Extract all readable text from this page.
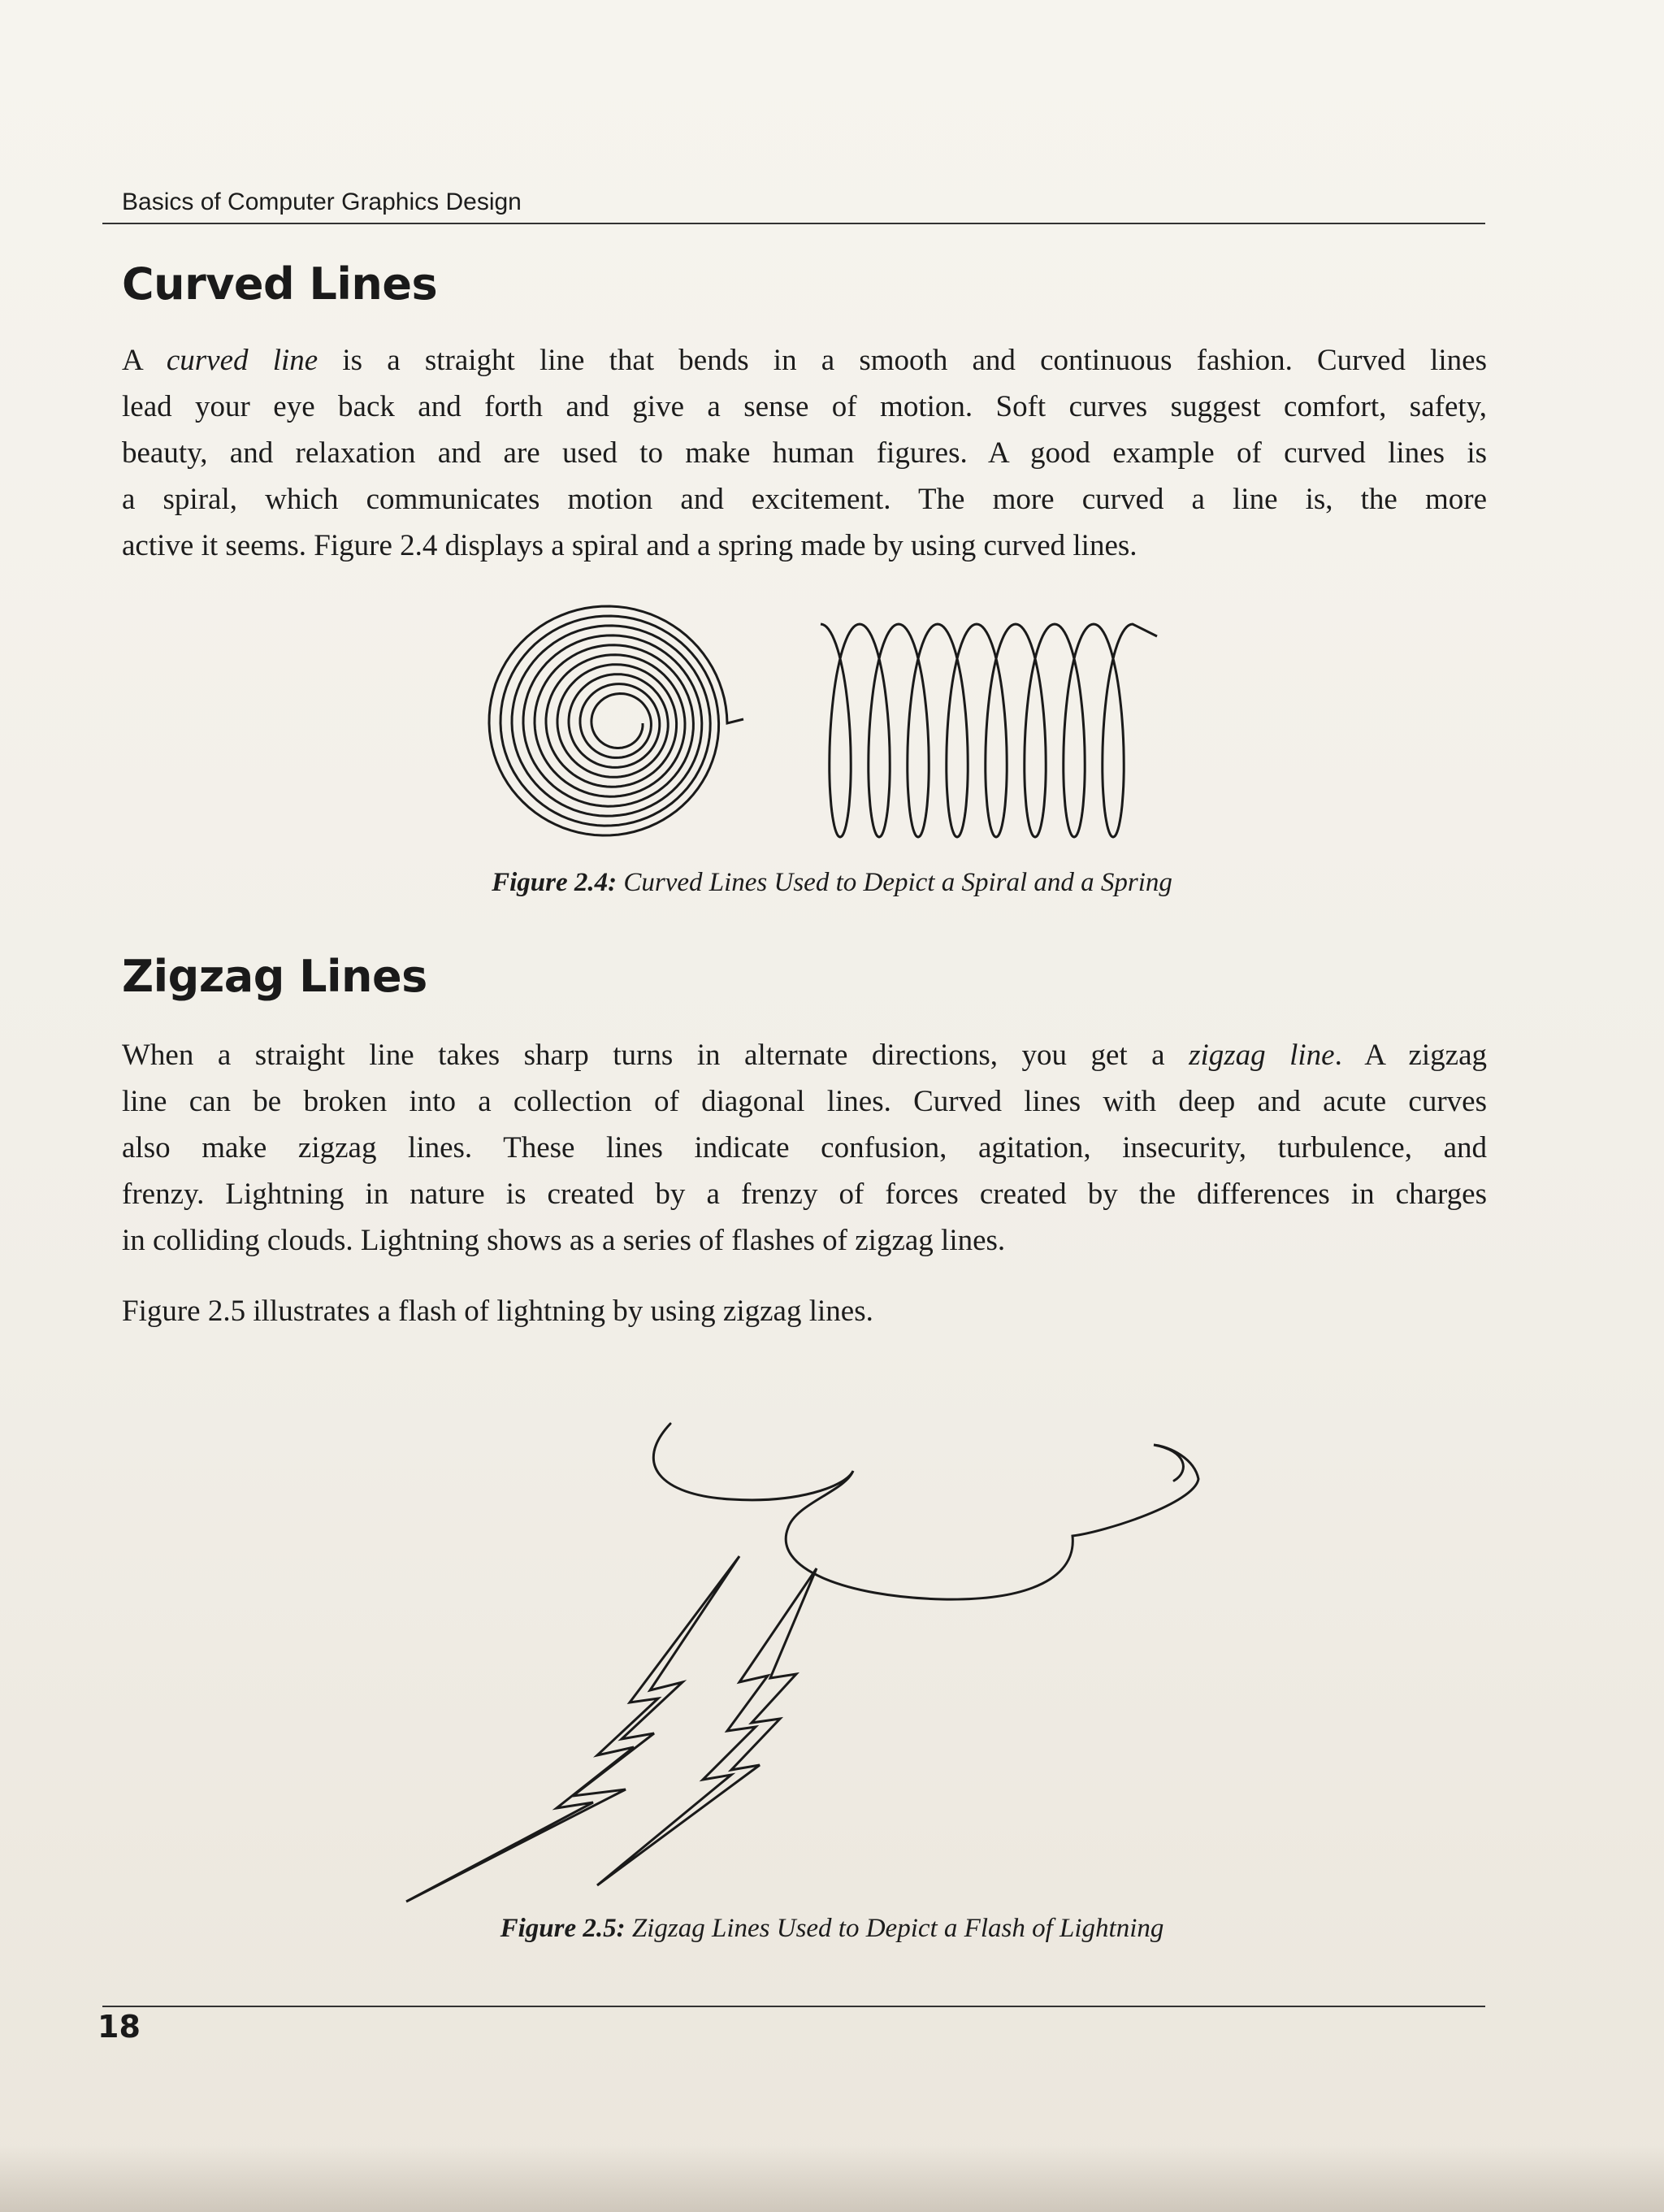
Basics of Computer Graphics Design
Curved Lines
A curved line is a straight line that bends in a smooth and continuous fashion. Curved lines
lead your eye back and forth and give a sense of motion. Soft curves suggest comfort, safety,
beauty, and relaxation and are used to make human figures. A good example of curved lines is
a spiral, which communicates motion and excitement. The more curved a line is, the more
active it seems. Figure 2.4 displays a spiral and a spring made by using curved lines.
Figure 2.4: Curved Lines Used to Depict a Spiral and a Spring
Zigzag Lines
When a straight line takes sharp turns in alternate directions, you get a zigzag line. A zigzag
line can be broken into a collection of diagonal lines. Curved lines with deep and acute curves
also make zigzag lines. These lines indicate confusion, agitation, insecurity, turbulence, and
frenzy. Lightning in nature is created by a frenzy of forces created by the differences in charges
in colliding clouds. Lightning shows as a series of flashes of zigzag lines.
Figure 2.5 illustrates a flash of lightning by using zigzag lines.
Figure 2.5: Zigzag Lines Used to Depict a Flash of Lightning
18
